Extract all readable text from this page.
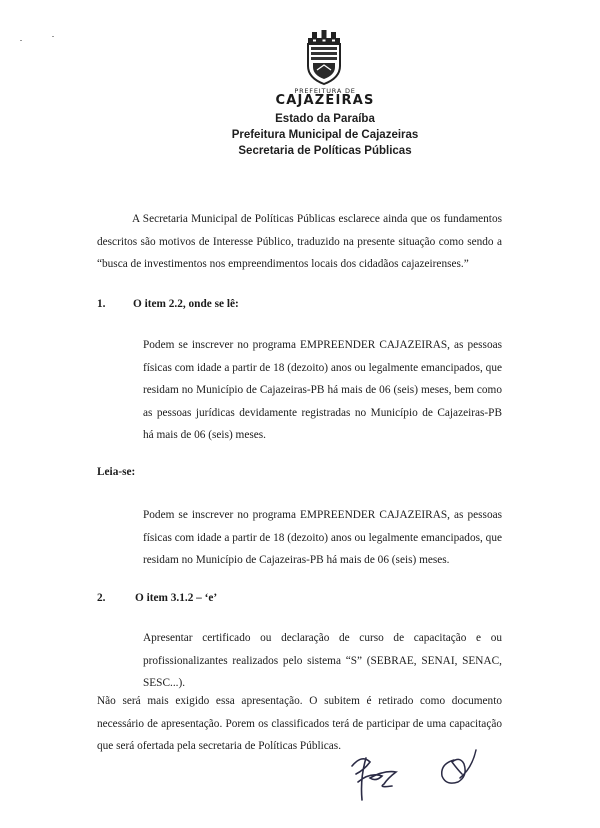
PREFEITURA DE
CAJAZEIRAS
Estado da Paraíba
Prefeitura Municipal de Cajazeiras
Secretaria de Políticas Públicas
A Secretaria Municipal de Políticas Públicas esclarece ainda que os fundamentos descritos são motivos de Interesse Público, traduzido na presente situação como sendo a “busca de investimentos nos empreendimentos locais dos cidadãos cajazeirenses.”
1. O item 2.2, onde se lê:
Podem se inscrever no programa EMPREENDER CAJAZEIRAS, as pessoas físicas com idade a partir de 18 (dezoito) anos ou legalmente emancipados, que residam no Município de Cajazeiras-PB há mais de 06 (seis) meses, bem como as pessoas jurídicas devidamente registradas no Município de Cajazeiras-PB há mais de 06 (seis) meses.
Leia-se:
Podem se inscrever no programa EMPREENDER CAJAZEIRAS, as pessoas físicas com idade a partir de 18 (dezoito) anos ou legalmente emancipados, que residam no Município de Cajazeiras-PB há mais de 06 (seis) meses.
2.	O item 3.1.2 – ‘e’
Apresentar certificado ou declaração de curso de capacitação e ou profissionalizantes realizados pelo sistema “S” (SEBRAE, SENAI, SENAC, SESC...).
Não será mais exigido essa apresentação. O subitem é retirado como documento necessário de apresentação. Porem os classificados terá de participar de uma capacitação que será ofertada pela secretaria de Políticas Públicas.
